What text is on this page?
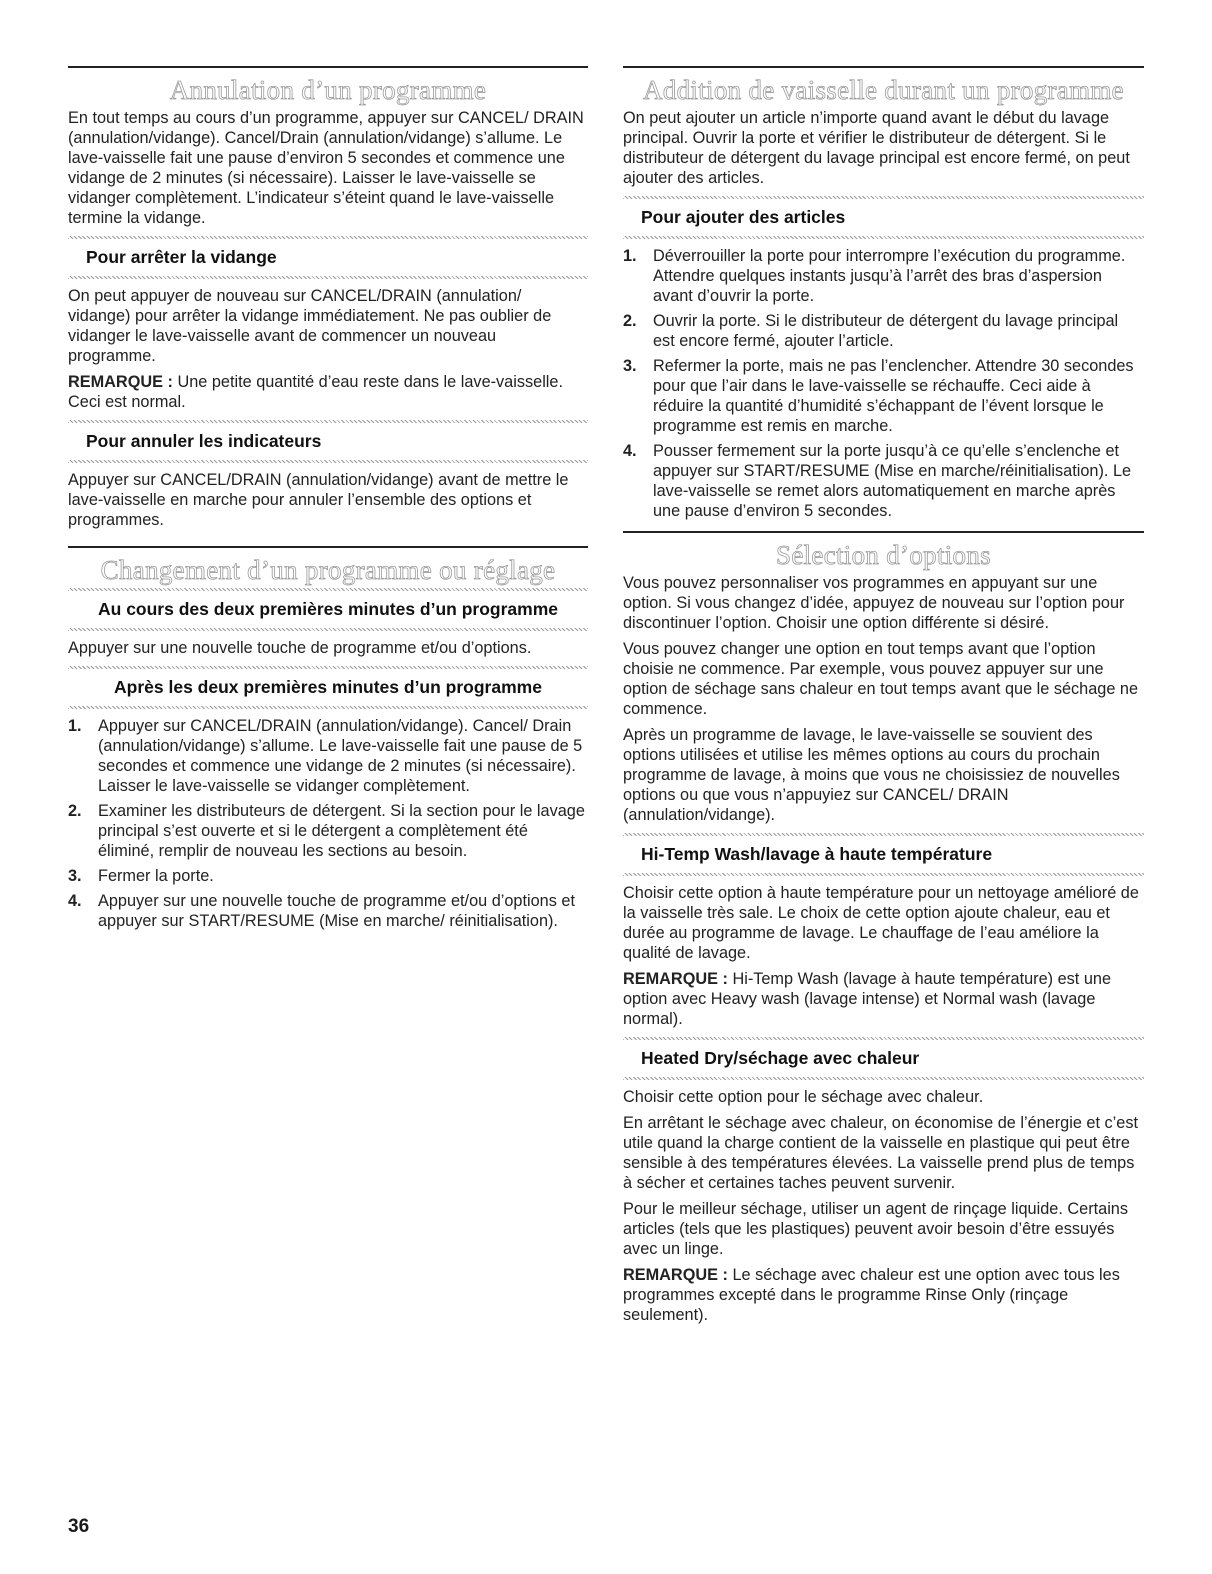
Annulation d’un programme

En tout temps au cours d’un programme, appuyer sur CANCEL/ DRAIN (annulation/vidange). Cancel/Drain (annulation/vidange) s’allume. Le lave-vaisselle fait une pause d’environ 5 secondes et commence une vidange de 2 minutes (si nécessaire). Laisser le lave-vaisselle se vidanger complètement. L’indicateur s’éteint quand le lave-vaisselle termine la vidange.

Pour arrêter la vidange

On peut appuyer de nouveau sur CANCEL/DRAIN (annulation/ vidange) pour arrêter la vidange immédiatement. Ne pas oublier de vidanger le lave-vaisselle avant de commencer un nouveau programme.

REMARQUE : Une petite quantité d’eau reste dans le lave-vaisselle. Ceci est normal.

Pour annuler les indicateurs

Appuyer sur CANCEL/DRAIN (annulation/vidange) avant de mettre le lave-vaisselle en marche pour annuler l’ensemble des options et programmes.

Changement d’un programme ou réglage
Au cours des deux premières minutes d’un programme

Appuyer sur une nouvelle touche de programme et/ou d’options.

Après les deux premières minutes d’un programme
1. Appuyer sur CANCEL/DRAIN (annulation/vidange). Cancel/ Drain (annulation/vidange) s’allume. Le lave-vaisselle fait une pause de 5 secondes et commence une vidange de 2 minutes (si nécessaire). Laisser le lave-vaisselle se vidanger complètement.
2. Examiner les distributeurs de détergent. Si la section pour le lavage principal s’est ouverte et si le détergent a complètement été éliminé, remplir de nouveau les sections au besoin.
3. Fermer la porte.
4. Appuyer sur une nouvelle touche de programme et/ou d’options et appuyer sur START/RESUME (Mise en marche/ réinitialisation).
Addition de vaisselle durant un programme

On peut ajouter un article n’importe quand avant le début du lavage principal. Ouvrir la porte et vérifier le distributeur de détergent. Si le distributeur de détergent du lavage principal est encore fermé, on peut ajouter des articles.

Pour ajouter des articles
1. Déverrouiller la porte pour interrompre l’exécution du programme. Attendre quelques instants jusqu’à l’arrêt des bras d’aspersion avant d’ouvrir la porte.
2. Ouvrir la porte. Si le distributeur de détergent du lavage principal est encore fermé, ajouter l’article.
3. Refermer la porte, mais ne pas l’enclencher. Attendre 30 secondes pour que l’air dans le lave-vaisselle se réchauffe. Ceci aide à réduire la quantité d’humidité s’échappant de l’évent lorsque le programme est remis en marche.
4. Pousser fermement sur la porte jusqu’à ce qu’elle s’enclenche et appuyer sur START/RESUME (Mise en marche/réinitialisation). Le lave-vaisselle se remet alors automatiquement en marche après une pause d’environ 5 secondes.
Sélection d’options

Vous pouvez personnaliser vos programmes en appuyant sur une option. Si vous changez d’idée, appuyez de nouveau sur l’option pour discontinuer l’option. Choisir une option différente si désiré.

Vous pouvez changer une option en tout temps avant que l’option choisie ne commence. Par exemple, vous pouvez appuyer sur une option de séchage sans chaleur en tout temps avant que le séchage ne commence.

Après un programme de lavage, le lave-vaisselle se souvient des options utilisées et utilise les mêmes options au cours du prochain programme de lavage, à moins que vous ne choisissiez de nouvelles options ou que vous n’appuyiez sur CANCEL/ DRAIN (annulation/vidange).

Hi-Temp Wash/lavage à haute température

Choisir cette option à haute température pour un nettoyage amélioré de la vaisselle très sale. Le choix de cette option ajoute chaleur, eau et durée au programme de lavage. Le chauffage de l’eau améliore la qualité de lavage.

REMARQUE : Hi-Temp Wash (lavage à haute température) est une option avec Heavy wash (lavage intense) et Normal wash (lavage normal).

Heated Dry/séchage avec chaleur

Choisir cette option pour le séchage avec chaleur.

En arrêtant le séchage avec chaleur, on économise de l’énergie et c’est utile quand la charge contient de la vaisselle en plastique qui peut être sensible à des températures élevées. La vaisselle prend plus de temps à sécher et certaines taches peuvent survenir.

Pour le meilleur séchage, utiliser un agent de rinçage liquide. Certains articles (tels que les plastiques) peuvent avoir besoin d’être essuyés avec un linge.

REMARQUE : Le séchage avec chaleur est une option avec tous les programmes excepté dans le programme Rinse Only (rinçage seulement).

36
